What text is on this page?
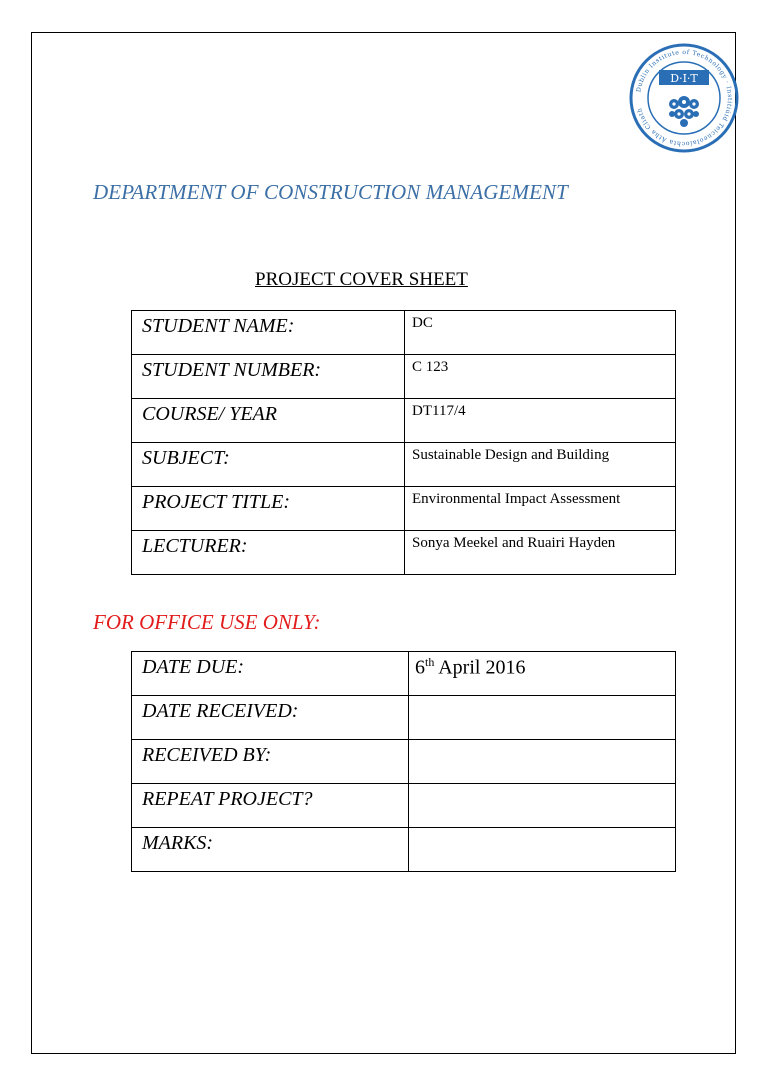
Dublin Institute of Technology · Institiúid Teicneolaíochta Átha Cliath
D·I·T
DEPARTMENT OF CONSTRUCTION MANAGEMENT
PROJECT COVER SHEET
STUDENT NAME:	DC
STUDENT NUMBER:	C 123
COURSE/ YEAR	DT117/4
SUBJECT:	Sustainable Design and Building
PROJECT TITLE:	Environmental Impact Assessment
LECTURER:	Sonya Meekel and Ruairi Hayden
FOR OFFICE USE ONLY:
DATE DUE:	6th April 2016
DATE RECEIVED:	
RECEIVED BY:	
REPEAT PROJECT?	
MARKS:	
